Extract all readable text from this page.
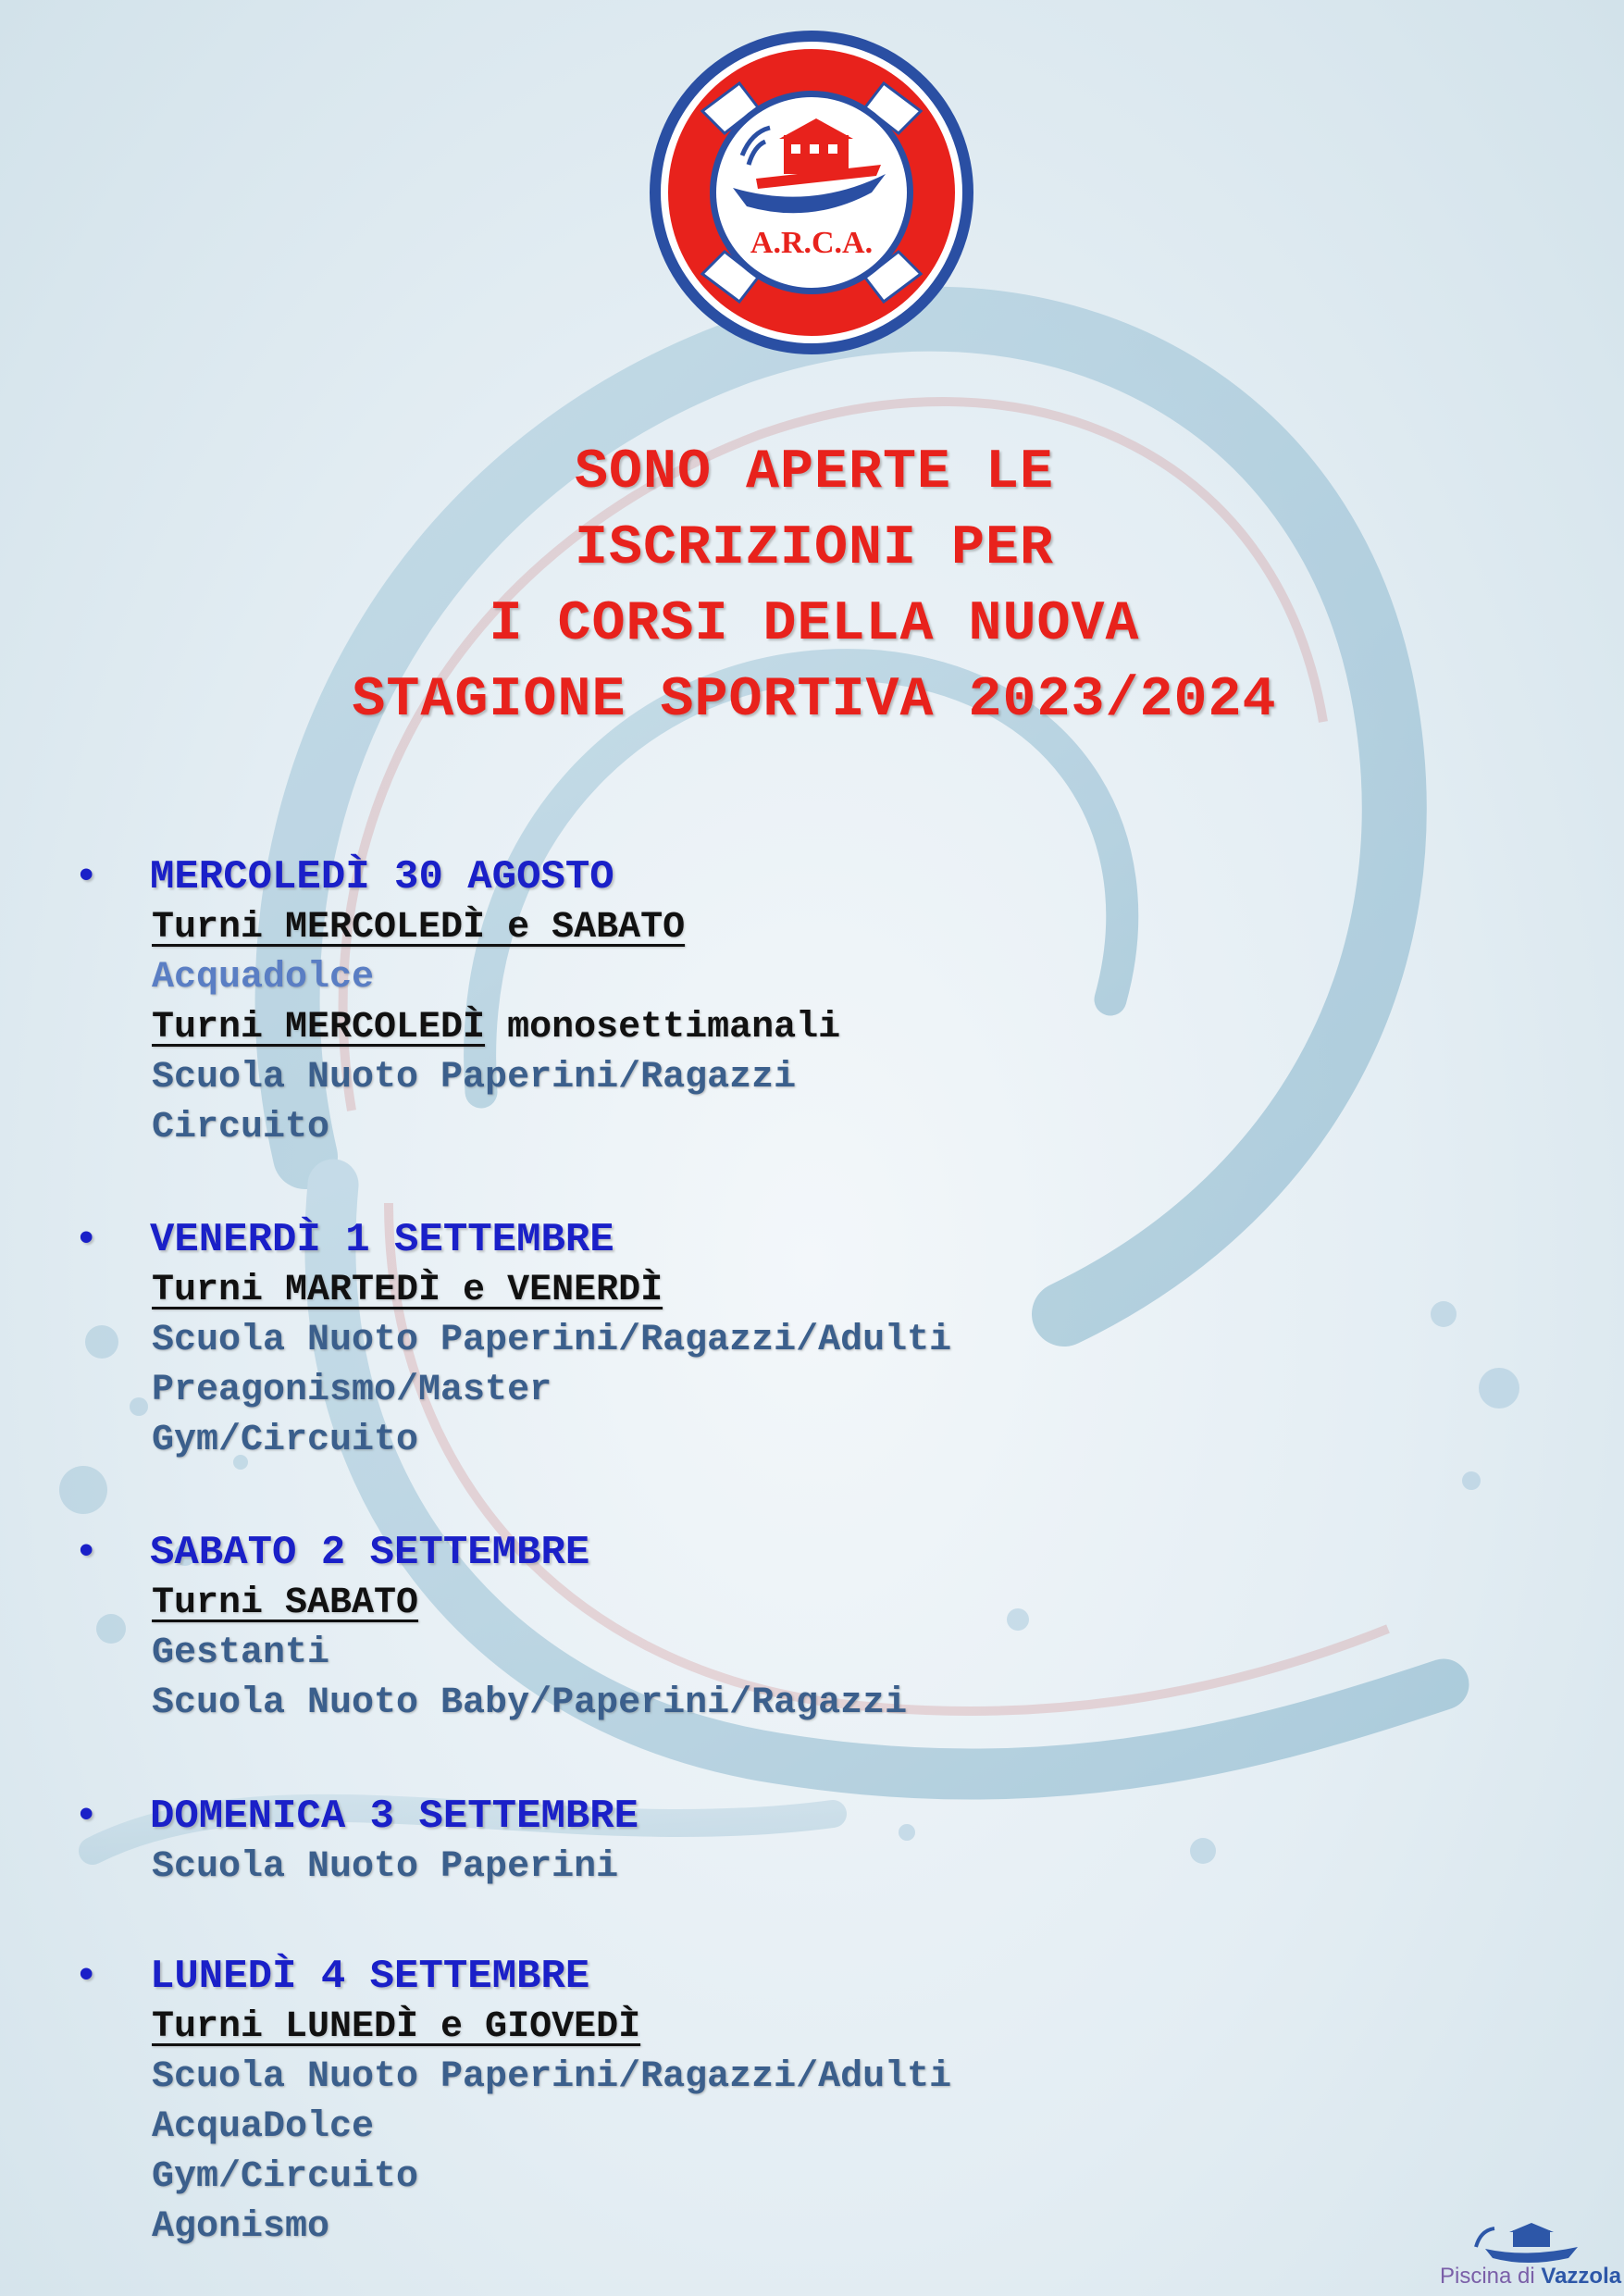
A.R.C.A.
SONO APERTE LE
ISCRIZIONI PER
I CORSI DELLA NUOVA
STAGIONE SPORTIVA 2023/2024
• MERCOLEDÌ 30 AGOSTO
Turni MERCOLEDÌ e SABATO
Acquadolce
Turni MERCOLEDÌ monosettimanali
Scuola Nuoto Paperini/Ragazzi
Circuito
• VENERDÌ 1 SETTEMBRE
Turni MARTEDÌ e VENERDÌ
Scuola Nuoto Paperini/Ragazzi/Adulti
Preagonismo/Master
Gym/Circuito
• SABATO 2 SETTEMBRE
Turni SABATO
Gestanti
Scuola Nuoto Baby/Paperini/Ragazzi
• DOMENICA 3 SETTEMBRE
Scuola Nuoto Paperini
• LUNEDÌ 4 SETTEMBRE
Turni LUNEDÌ e GIOVEDÌ
Scuola Nuoto Paperini/Ragazzi/Adulti
AcquaDolce
Gym/Circuito
Agonismo
Piscina di Vazzola
